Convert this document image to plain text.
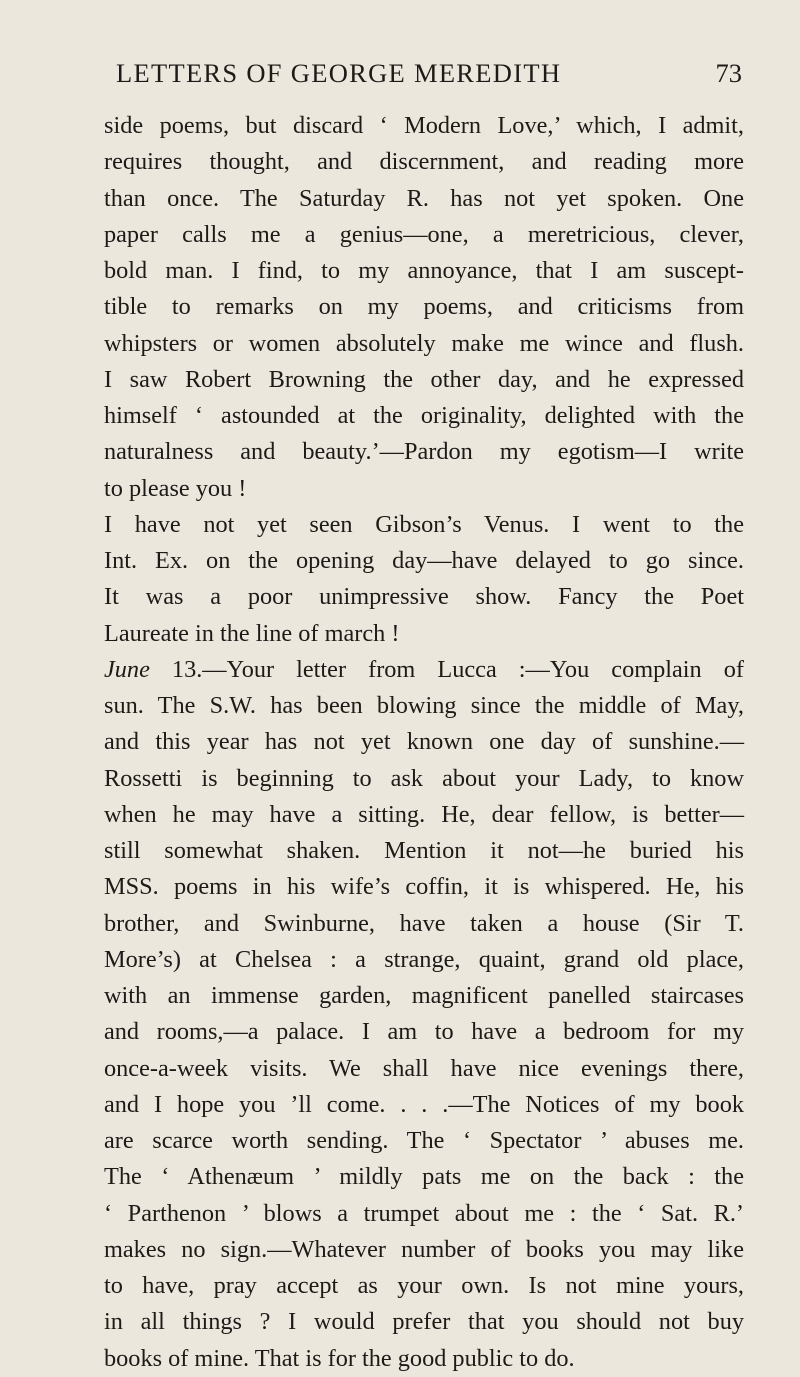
LETTERS OF GEORGE MEREDITH	73
side poems, but discard ‘ Modern Love,’ which, I admit,
requires thought, and discernment, and reading more
than once. The Saturday R. has not yet spoken. One
paper calls me a genius—one, a meretricious, clever,
bold man. I find, to my annoyance, that I am suscept-
tible to remarks on my poems, and criticisms from
whipsters or women absolutely make me wince and flush.
I saw Robert Browning the other day, and he expressed
himself ‘ astounded at the originality, delighted with the
naturalness and beauty.’—Pardon my egotism—I write
to please you !
I have not yet seen Gibson’s Venus. I went to the
Int. Ex. on the opening day—have delayed to go since.
It was a poor unimpressive show. Fancy the Poet
Laureate in the line of march !
June 13.—Your letter from Lucca :—You complain of
sun. The S.W. has been blowing since the middle of May,
and this year has not yet known one day of sunshine.—
Rossetti is beginning to ask about your Lady, to know
when he may have a sitting. He, dear fellow, is better—
still somewhat shaken. Mention it not—he buried his
MSS. poems in his wife’s coffin, it is whispered. He, his
brother, and Swinburne, have taken a house (Sir T.
More’s) at Chelsea : a strange, quaint, grand old place,
with an immense garden, magnificent panelled staircases
and rooms,—a palace. I am to have a bedroom for my
once-a-week visits. We shall have nice evenings there,
and I hope you ’ll come. . . .—The Notices of my book
are scarce worth sending. The ‘ Spectator ’ abuses me.
The ‘ Athenæum ’ mildly pats me on the back : the
‘ Parthenon ’ blows a trumpet about me : the ‘ Sat. R.’
makes no sign.—Whatever number of books you may like
to have, pray accept as your own. Is not mine yours,
in all things ? I would prefer that you should not buy
books of mine. That is for the good public to do.
